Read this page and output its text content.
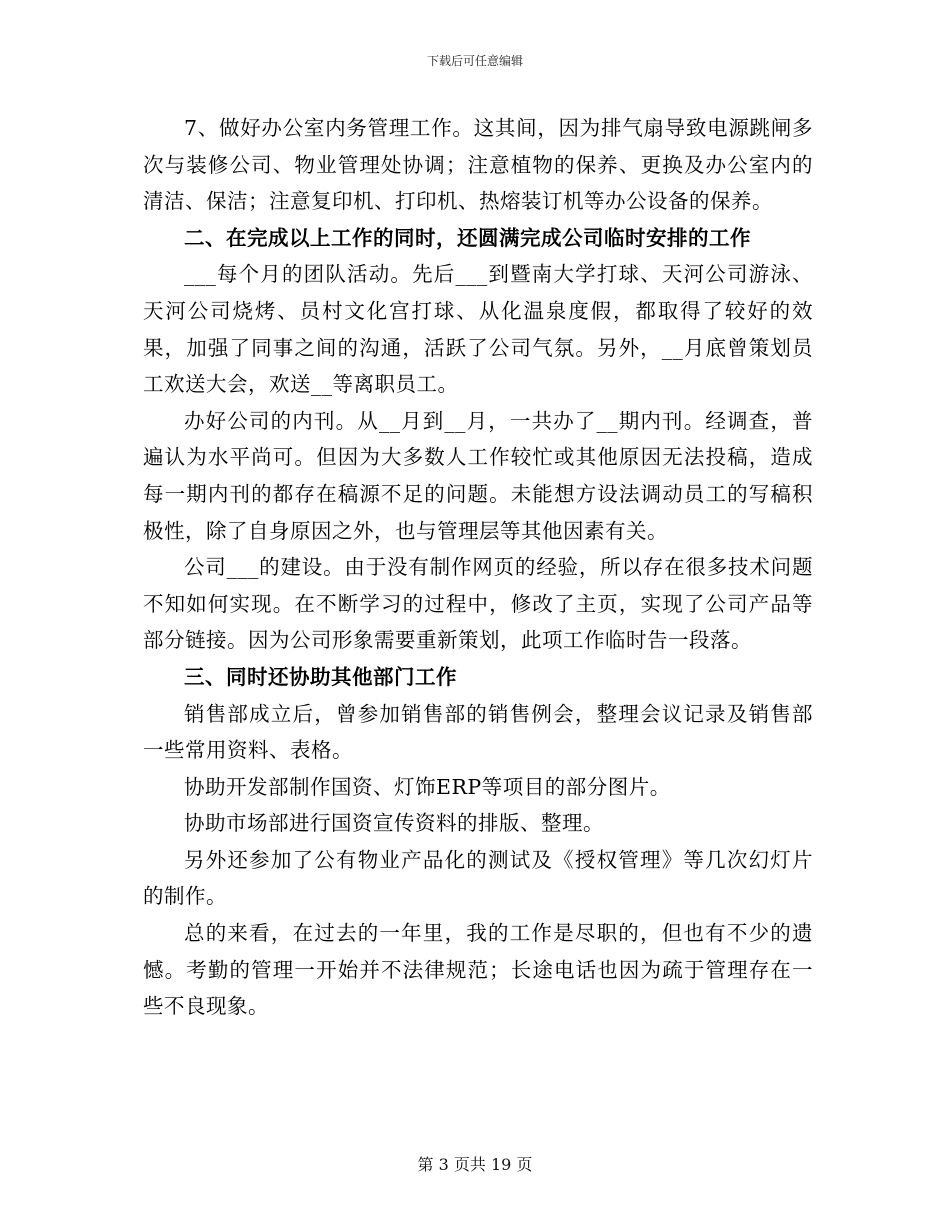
下载后可任意编辑

7、做好办公室内务管理工作。这其间，因为排气扇导致电源跳闸多次与装修公司、物业管理处协调；注意植物的保养、更换及办公室内的清洁、保洁；注意复印机、打印机、热熔装订机等办公设备的保养。

二、在完成以上工作的同时，还圆满完成公司临时安排的工作

___每个月的团队活动。先后___到暨南大学打球、天河公司游泳、天河公司烧烤、员村文化宫打球、从化温泉度假，都取得了较好的效果，加强了同事之间的沟通，活跃了公司气氛。另外，__月底曾策划员工欢送大会，欢送__等离职员工。

办好公司的内刊。从__月到__月，一共办了__期内刊。经调查，普遍认为水平尚可。但因为大多数人工作较忙或其他原因无法投稿，造成每一期内刊的都存在稿源不足的问题。未能想方设法调动员工的写稿积极性，除了自身原因之外，也与管理层等其他因素有关。

公司___的建设。由于没有制作网页的经验，所以存在很多技术问题不知如何实现。在不断学习的过程中，修改了主页，实现了公司产品等部分链接。因为公司形象需要重新策划，此项工作临时告一段落。

三、同时还协助其他部门工作

销售部成立后，曾参加销售部的销售例会，整理会议记录及销售部一些常用资料、表格。

协助开发部制作国资、灯饰ERP等项目的部分图片。

协助市场部进行国资宣传资料的排版、整理。

另外还参加了公有物业产品化的测试及《授权管理》等几次幻灯片的制作。

总的来看，在过去的一年里，我的工作是尽职的，但也有不少的遗憾。考勤的管理一开始并不法律规范；长途电话也因为疏于管理存在一些不良现象。

第 3 页共 19 页
